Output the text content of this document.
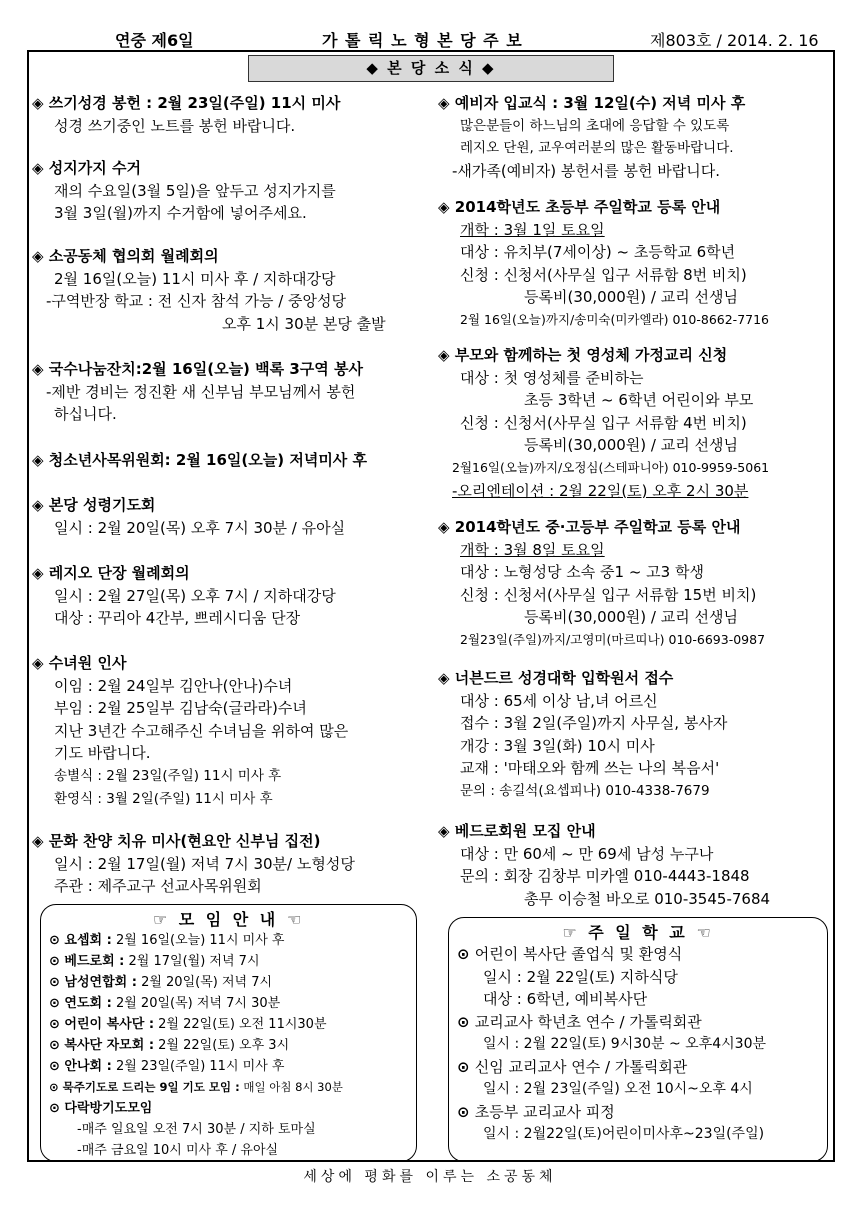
연중 제6일	가 톨 릭 노 형 본 당 주 보	제803호 / 2014. 2. 16
◆ 본 당 소 식 ◆
◈ 쓰기성경 봉헌 : 2월 23일(주일) 11시 미사
성경 쓰기중인 노트를 봉헌 바랍니다.
◈ 성지가지 수거
재의 수요일(3월 5일)을 앞두고 성지가지를
3월 3일(월)까지 수거함에 넣어주세요.
◈ 소공동체 협의회 월례회의
2월 16일(오늘) 11시 미사 후 / 지하대강당
-구역반장 학교 : 전 신자 참석 가능 / 중앙성당
오후 1시 30분 본당 출발
◈ 국수나눔잔치:2월 16일(오늘) 백록 3구역 봉사
-제반 경비는 정진환 새 신부님 부모님께서 봉헌
하십니다.
◈ 청소년사목위원회: 2월 16일(오늘) 저녁미사 후
◈ 본당 성령기도회
일시 : 2월 20일(목) 오후 7시 30분 / 유아실
◈ 레지오 단장 월례회의
일시 : 2월 27일(목) 오후 7시 / 지하대강당
대상 : 꾸리아 4간부, 쁘레시디움 단장
◈ 수녀원 인사
이임 : 2월 24일부 김안나(안나)수녀
부임 : 2월 25일부 김남숙(글라라)수녀
지난 3년간 수고해주신 수녀님을 위하여 많은
기도 바랍니다.
송별식 : 2월 23일(주일) 11시 미사 후
환영식 : 3월 2일(주일) 11시 미사 후
◈ 문화 찬양 치유 미사(현요안 신부님 집전)
일시 : 2월 17일(월) 저녁 7시 30분/ 노형성당
주관 : 제주교구 선교사목위원회
◈ 예비자 입교식 : 3월 12일(수) 저녁 미사 후
많은분들이 하느님의 초대에 응답할 수 있도록
레지오 단원, 교우여러분의 많은 활동바랍니다.
-새가족(예비자) 봉헌서를 봉헌 바랍니다.
◈ 2014학년도 초등부 주일학교 등록 안내
개학 : 3월 1일 토요일
대상 : 유치부(7세이상) ~ 초등학교 6학년
신청 : 신청서(사무실 입구 서류함 8번 비치)
등록비(30,000원) / 교리 선생님
2월 16일(오늘)까지/송미숙(미카엘라) 010-8662-7716
◈ 부모와 함께하는 첫 영성체 가정교리 신청
대상 : 첫 영성체를 준비하는
초등 3학년 ~ 6학년 어린이와 부모
신청 : 신청서(사무실 입구 서류함 4번 비치)
등록비(30,000원) / 교리 선생님
2월16일(오늘)까지/오정심(스테파니아) 010-9959-5061
-오리엔테이션 : 2월 22일(토) 오후 2시 30분
◈ 2014학년도 중·고등부 주일학교 등록 안내
개학 : 3월 8일 토요일
대상 : 노형성당 소속 중1 ~ 고3 학생
신청 : 신청서(사무실 입구 서류함 15번 비치)
등록비(30,000원) / 교리 선생님
2월23일(주일)까지/고영미(마르띠나) 010-6693-0987
◈ 너븐드르 성경대학 입학원서 접수
대상 : 65세 이상 남,녀 어르신
접수 : 3월 2일(주일)까지 사무실, 봉사자
개강 : 3월 3일(화) 10시 미사
교재 : '마태오와 함께 쓰는 나의 복음서'
문의 : 송길석(요셉피나) 010-4338-7679
◈ 베드로회원 모집 안내
대상 : 만 60세 ~ 만 69세 남성 누구나
문의 : 회장 김창부 미카엘 010-4443-1848
총무 이승철 바오로 010-3545-7684
☞ 모 임 안 내 ☜
⊙ 요셉회 : 2월 16일(오늘) 11시 미사 후
⊙ 베드로회 : 2월 17일(월) 저녁 7시
⊙ 남성연합회 : 2월 20일(목) 저녁 7시
⊙ 연도회 : 2월 20일(목) 저녁 7시 30분
⊙ 어린이 복사단 : 2월 22일(토) 오전 11시30분
⊙ 복사단 자모회 : 2월 22일(토) 오후 3시
⊙ 안나회 : 2월 23일(주일) 11시 미사 후
⊙ 묵주기도로 드리는 9일 기도 모임 : 매일 아침 8시 30분
⊙ 다락방기도모임
-매주 일요일 오전 7시 30분 / 지하 토마실
-매주 금요일 10시 미사 후 / 유아실
☞ 주 일 학 교 ☜
⊙ 어린이 복사단 졸업식 및 환영식
일시 : 2월 22일(토) 지하식당
대상 : 6학년, 예비복사단
⊙ 교리교사 학년초 연수 / 가톨릭회관
일시 : 2월 22일(토) 9시30분 ~ 오후4시30분
⊙ 신임 교리교사 연수 / 가톨릭회관
일시 : 2월 23일(주일) 오전 10시~오후 4시
⊙ 초등부 교리교사 피정
일시 : 2월22일(토)어린이미사후~23일(주일)
세상에 평화를 이루는 소공동체
